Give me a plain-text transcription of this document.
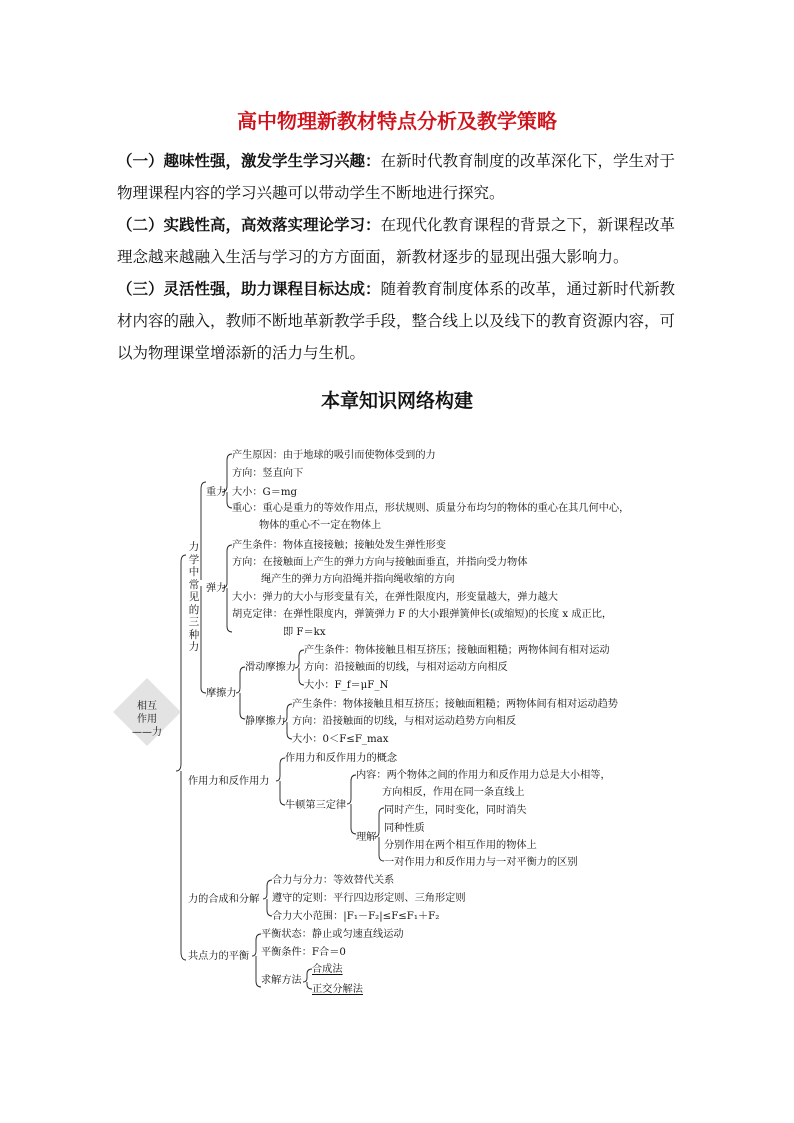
高中物理新教材特点分析及教学策略
（一）趣味性强，激发学生学习兴趣：在新时代教育制度的改革深化下，学生对于物理课程内容的学习兴趣可以带动学生不断地进行探究。
（二）实践性高，高效落实理论学习：在现代化教育课程的背景之下，新课程改革理念越来越融入生活与学习的方方面面，新教材逐步的显现出强大影响力。
（三）灵活性强，助力课程目标达成：随着教育制度体系的改革，通过新时代新教材内容的融入，教师不断地革新教学手段，整合线上以及线下的教育资源内容，可以为物理课堂增添新的活力与生机。
本章知识网络构建
相互
作用
——力
力学中常见的三种力
重力
产生原因：由于地球的吸引而使物体受到的力
方向：竖直向下
大小：G＝mg
重心：重心是重力的等效作用点，形状规则、质量分布均匀的物体的重心在其几何中心，
物体的重心不一定在物体上
弹力
产生条件：物体直接接触；接触处发生弹性形变
方向：在接触面上产生的弹力方向与接触面垂直，并指向受力物体
绳产生的弹力方向沿绳并指向绳收缩的方向
大小：弹力的大小与形变量有关，在弹性限度内，形变量越大，弹力越大
胡克定律：在弹性限度内，弹簧弹力 F 的大小跟弹簧伸长(或缩短)的长度 x 成正比，
即 F＝kx
摩擦力
滑动摩擦力
产生条件：物体接触且相互挤压；接触面粗糙；两物体间有相对运动
方向：沿接触面的切线，与相对运动方向相反
大小：F_f＝μF_N
静摩擦力
产生条件：物体接触且相互挤压；接触面粗糙；两物体间有相对运动趋势
方向：沿接触面的切线，与相对运动趋势方向相反
大小：0＜F≤F_max
作用力和反作用力
作用力和反作用力的概念
牛顿第三定律
内容：两个物体之间的作用力和反作用力总是大小相等，
方向相反，作用在同一条直线上
理解
同时产生，同时变化，同时消失
同种性质
分别作用在两个相互作用的物体上
一对作用力和反作用力与一对平衡力的区别
力的合成和分解
合力与分力：等效替代关系
遵守的定则：平行四边形定则、三角形定则
合力大小范围：|F₁－F₂|≤F≤F₁＋F₂
共点力的平衡
平衡状态：静止或匀速直线运动
平衡条件：F合＝0
求解方法
合成法
正交分解法
